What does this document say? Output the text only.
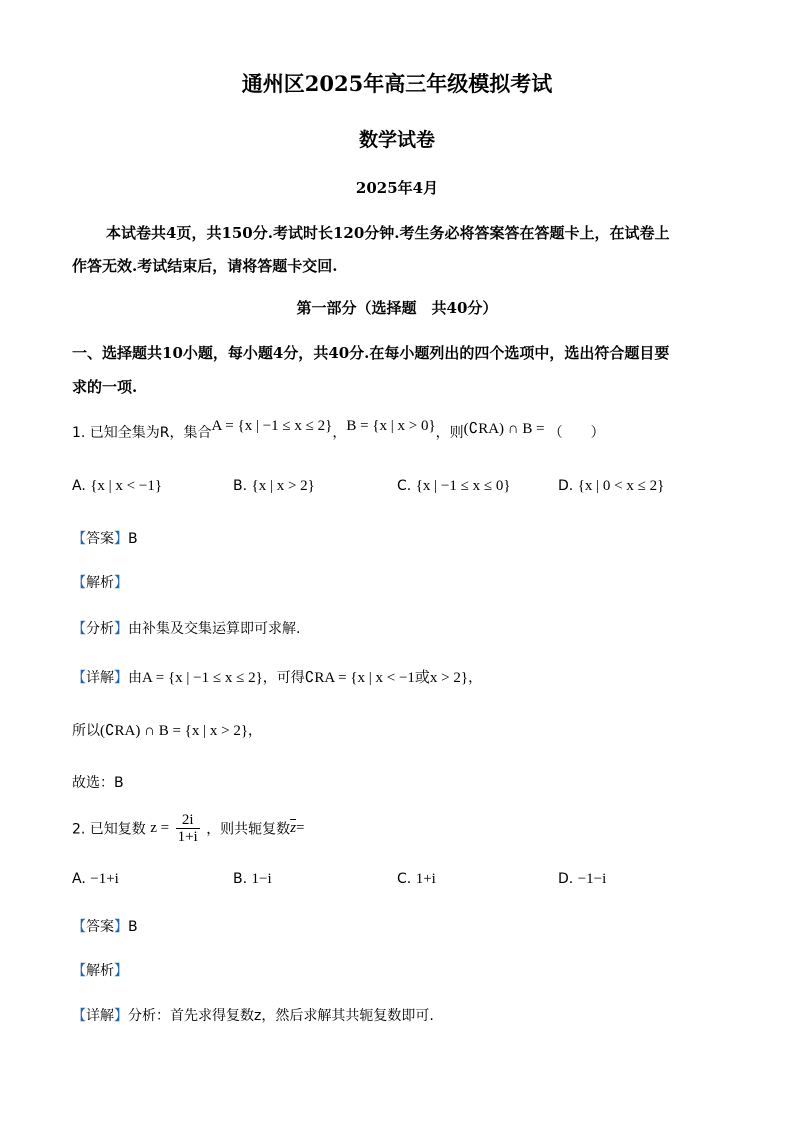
通州区2025年高三年级模拟考试
数学试卷
2025年4月
本试卷共4页，共150分.考试时长120分钟.考生务必将答案答在答题卡上，在试卷上
作答无效.考试结束后，请将答题卡交回.
第一部分（选择题　共40分）
一、选择题共10小题，每小题4分，共40分.在每小题列出的四个选项中，选出符合题目要
求的一项.
1. 已知全集为R，集合A = {x | −1 ≤ x ≤ 2}，B = {x | x > 0}，则(∁RA) ∩ B = （　　）
A. {x | x < −1}	B. {x | x > 2}	C. {x | −1 ≤ x ≤ 0}	D. {x | 0 < x ≤ 2}
【答案】B
【解析】
【分析】由补集及交集运算即可求解.
【详解】由A = {x | −1 ≤ x ≤ 2}，可得∁RA = {x | x < −1或x > 2}，
所以(∁RA) ∩ B = {x | x > 2}，
故选：B
2. 已知复数 $z = \frac{2i}{1+i}$ ，则共轭复数$\overline{z}=$
A. −1+i	B. 1−i	C. 1+i	D. −1−i
【答案】B
【解析】
【详解】分析：首先求得复数z，然后求解其共轭复数即可.
